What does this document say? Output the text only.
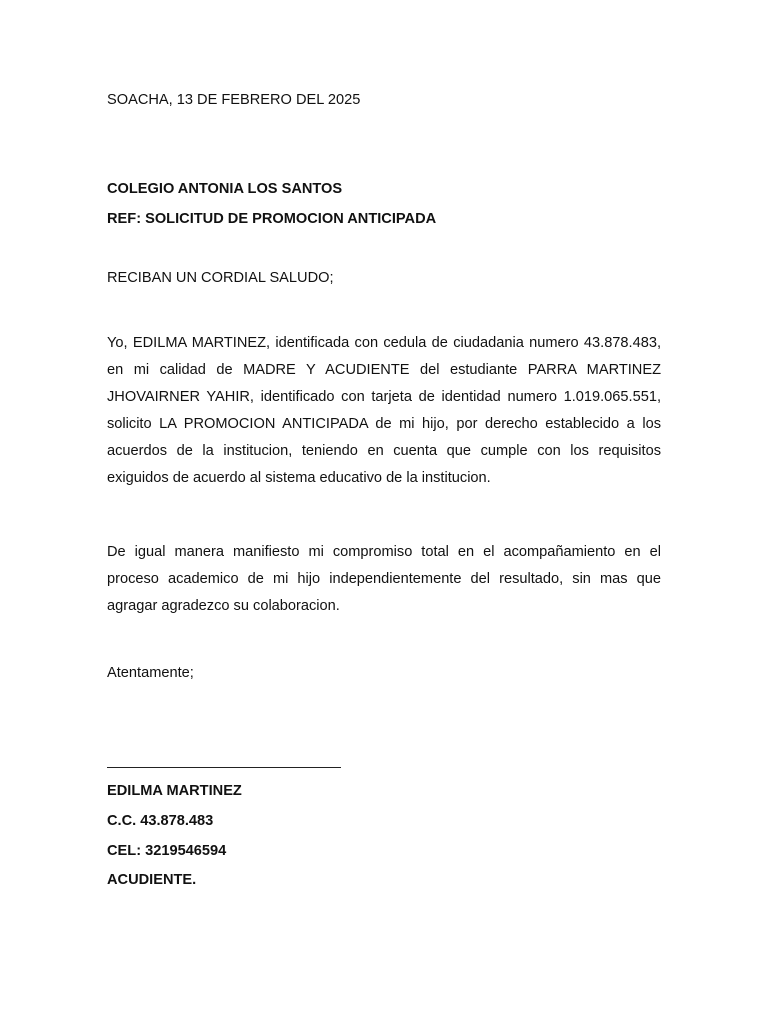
SOACHA, 13 DE FEBRERO DEL 2025
COLEGIO ANTONIA LOS SANTOS
REF: SOLICITUD DE PROMOCION ANTICIPADA
RECIBAN UN CORDIAL SALUDO;
Yo, EDILMA MARTINEZ, identificada con cedula de ciudadania numero 43.878.483, en mi calidad de MADRE Y ACUDIENTE del estudiante PARRA MARTINEZ JHOVAIRNER YAHIR, identificado con tarjeta de identidad numero 1.019.065.551, solicito LA PROMOCION ANTICIPADA de mi hijo, por derecho establecido a los acuerdos de la institucion, teniendo en cuenta que cumple con los requisitos exiguidos de acuerdo al sistema educativo de la institucion.
De igual manera manifiesto mi compromiso total en el acompañamiento en el proceso academico de mi hijo independientemente del resultado, sin mas que agragar agradezco su colaboracion.
Atentamente;
EDILMA MARTINEZ
C.C. 43.878.483
CEL: 3219546594
ACUDIENTE.
